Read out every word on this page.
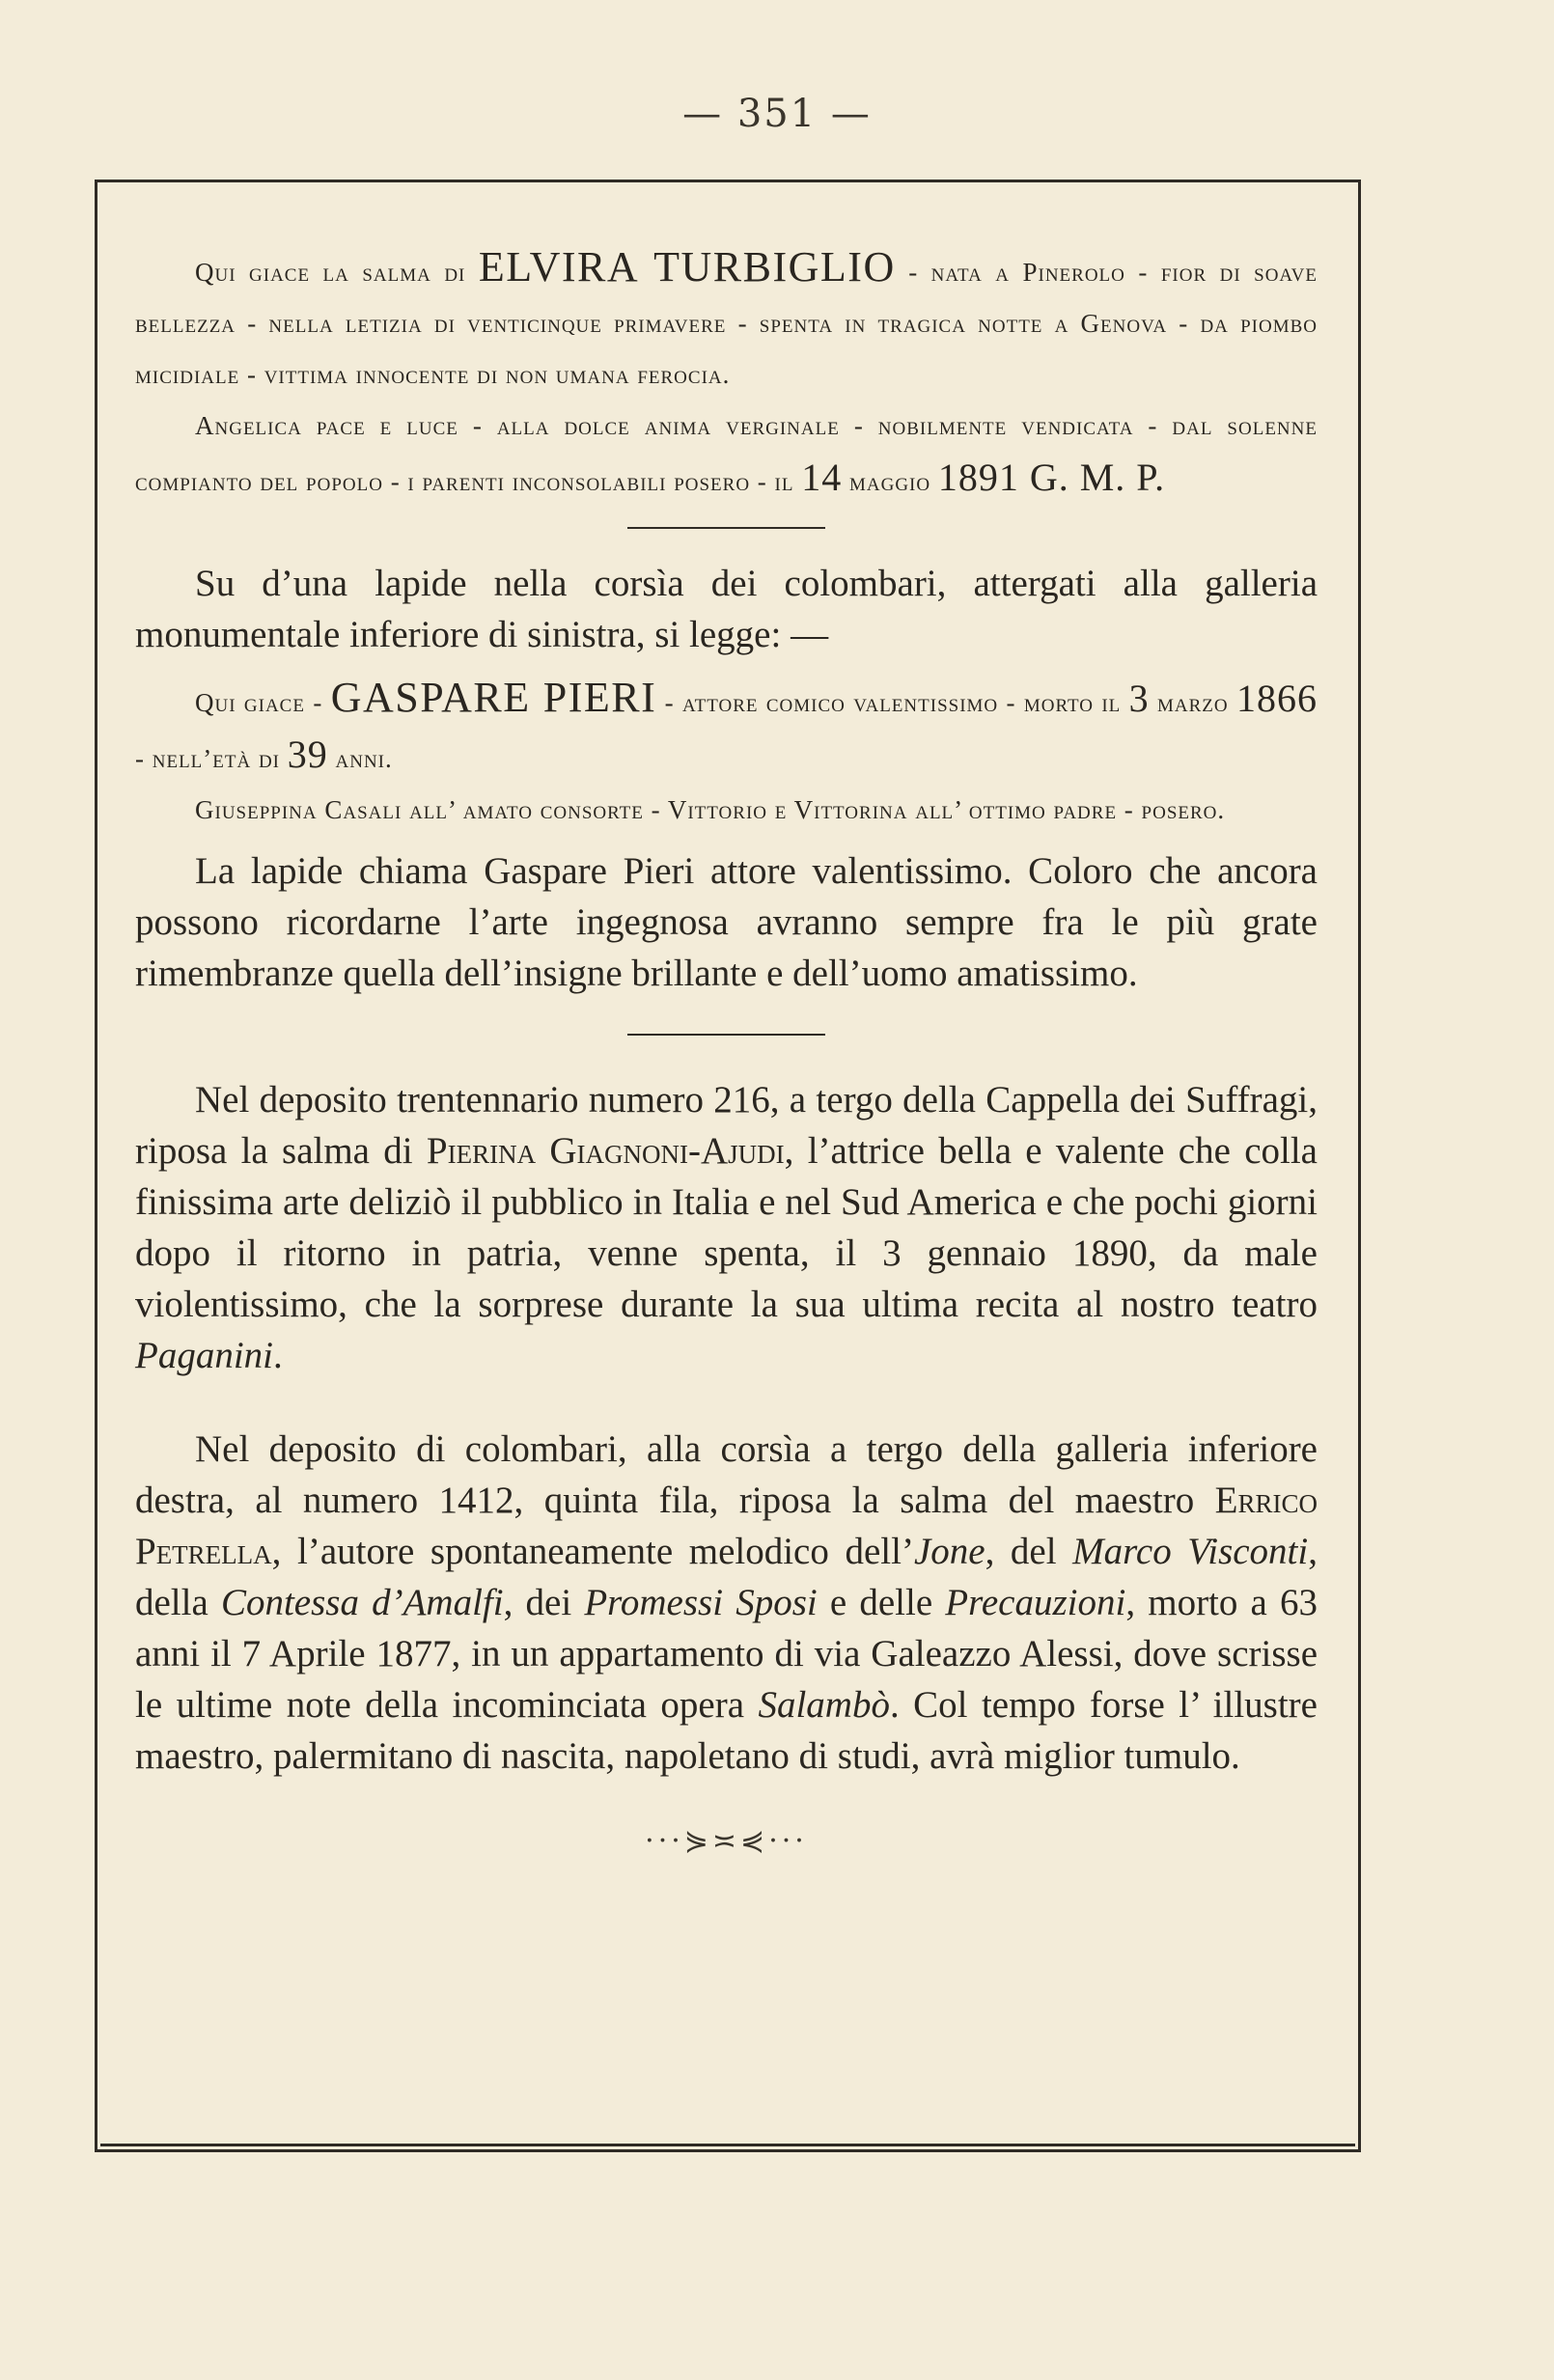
— 351 —

Qui giace la salma di ELVIRA TURBIGLIO - nata a Pinerolo - fior di soave bellezza - nella letizia di venticinque primavere - spenta in tragica notte a Genova - da piombo micidiale - vittima innocente di non umana ferocia.

Angelica pace e luce - alla dolce anima verginale - nobilmente vendicata - dal solenne compianto del popolo - i parenti inconsolabili posero - il 14 maggio 1891 G. M. P.

Su d’una lapide nella corsìa dei colombari, attergati alla galleria monumentale inferiore di sinistra, si legge: —

Qui giace - GASPARE PIERI - attore comico valentissimo - morto il 3 marzo 1866 - nell’età di 39 anni.

Giuseppina Casali all’ amato consorte - Vittorio e Vittorina all’ ottimo padre - posero.

La lapide chiama Gaspare Pieri attore valentissimo. Coloro che ancora possono ricordarne l’arte ingegnosa avranno sempre fra le più grate rimembranze quella dell’insigne brillante e dell’uomo amatissimo.

Nel deposito trentennario numero 216, a tergo della Cappella dei Suffragi, riposa la salma di Pierina Giagnoni-Ajudi, l’attrice bella e valente che colla finissima arte deliziò il pubblico in Italia e nel Sud America e che pochi giorni dopo il ritorno in patria, venne spenta, il 3 gennaio 1890, da male violentissimo, che la sorprese durante la sua ultima recita al nostro teatro Paganini.

Nel deposito di colombari, alla corsìa a tergo della galleria inferiore destra, al numero 1412, quinta fila, riposa la salma del maestro Errico Petrella, l’autore spontaneamente melodico dell’Jone, del Marco Visconti, della Contessa d’Amalfi, dei Promessi Sposi e delle Precauzioni, morto a 63 anni il 7 Aprile 1877, in un appartamento di via Galeazzo Alessi, dove scrisse le ultime note della incominciata opera Salambò. Col tempo forse l’ illustre maestro, palermitano di nascita, napoletano di studi, avrà miglior tumulo.

···⋟≍⋞···
